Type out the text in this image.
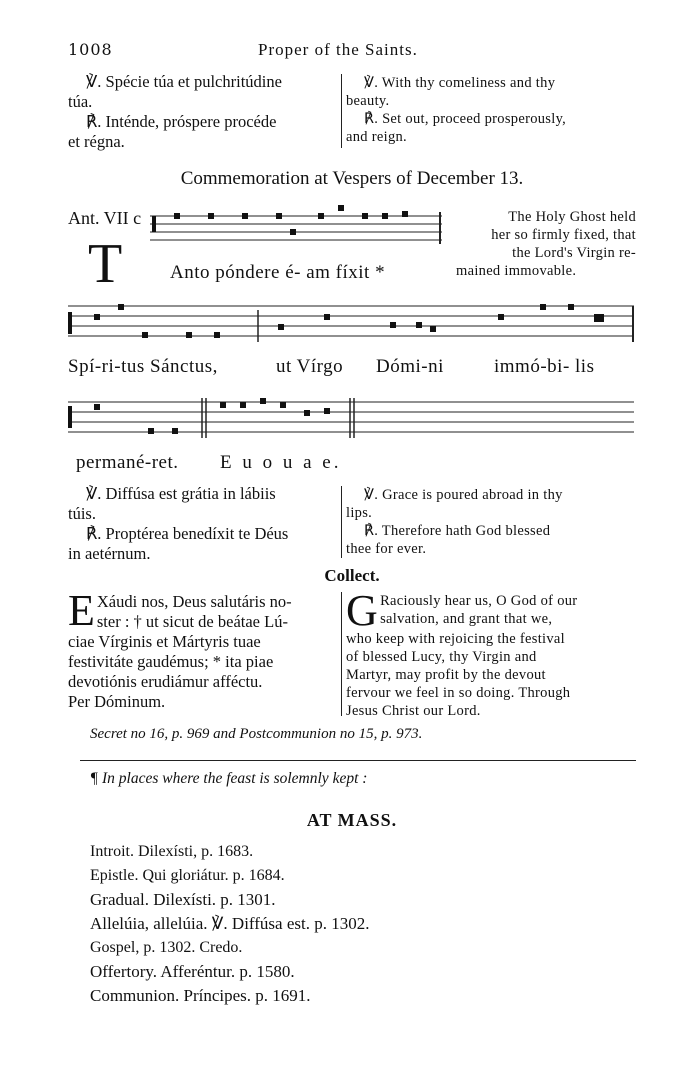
1008	Proper of the Saints.
℣. Spécie túa et pulchritúdine
túa.
℟. Inténde, próspere procéde
et régna.
℣. With thy comeliness and thy
beauty.
℟. Set out, proceed prosperously,
and reign.
Commemoration at Vespers of December 13.
Ant. VII c
T	Anto póndere é- am fíxit *
The Holy Ghost held
her so firmly fixed, that
the Lord's Virgin re-
mained immovable.
Spí-ri-tus Sánctus,	ut Vírgo Dómi-ni	immó-bi- lis
permané-ret. E u o u a e.
℣. Diffúsa est grátia in lábiis
túis.
℟. Proptérea benedíxit te Déus
in aetérnum.
℣. Grace is poured abroad in thy
lips.
℟. Therefore hath God blessed
thee for ever.
Collect.
E Xáudi nos, Deus salutáris no-
ster : † ut sicut de beátae Lú-
ciae Vírginis et Mártyris tuae
festivitáte gaudémus; * ita piae
devotiónis erudiámur afféctu.
Per Dóminum.
G Raciously hear us, O God of our
salvation, and grant that we,
who keep with rejoicing the festival
of blessed Lucy, thy Virgin and
Martyr, may profit by the devout
fervour we feel in so doing. Through
Jesus Christ our Lord.
Secret no 16, p. 969 and Postcommunion no 15, p. 973.
¶ In places where the feast is solemnly kept :
AT MASS.
Introit. Dilexísti, p. 1683.
Epistle. Qui gloriátur. p. 1684.
Gradual. Dilexísti. p. 1301.
Allelúia, allelúia. ℣. Diffúsa est. p. 1302.
Gospel, p. 1302. Credo.
Offertory. Afferéntur. p. 1580.
Communion. Príncipes. p. 1691.
